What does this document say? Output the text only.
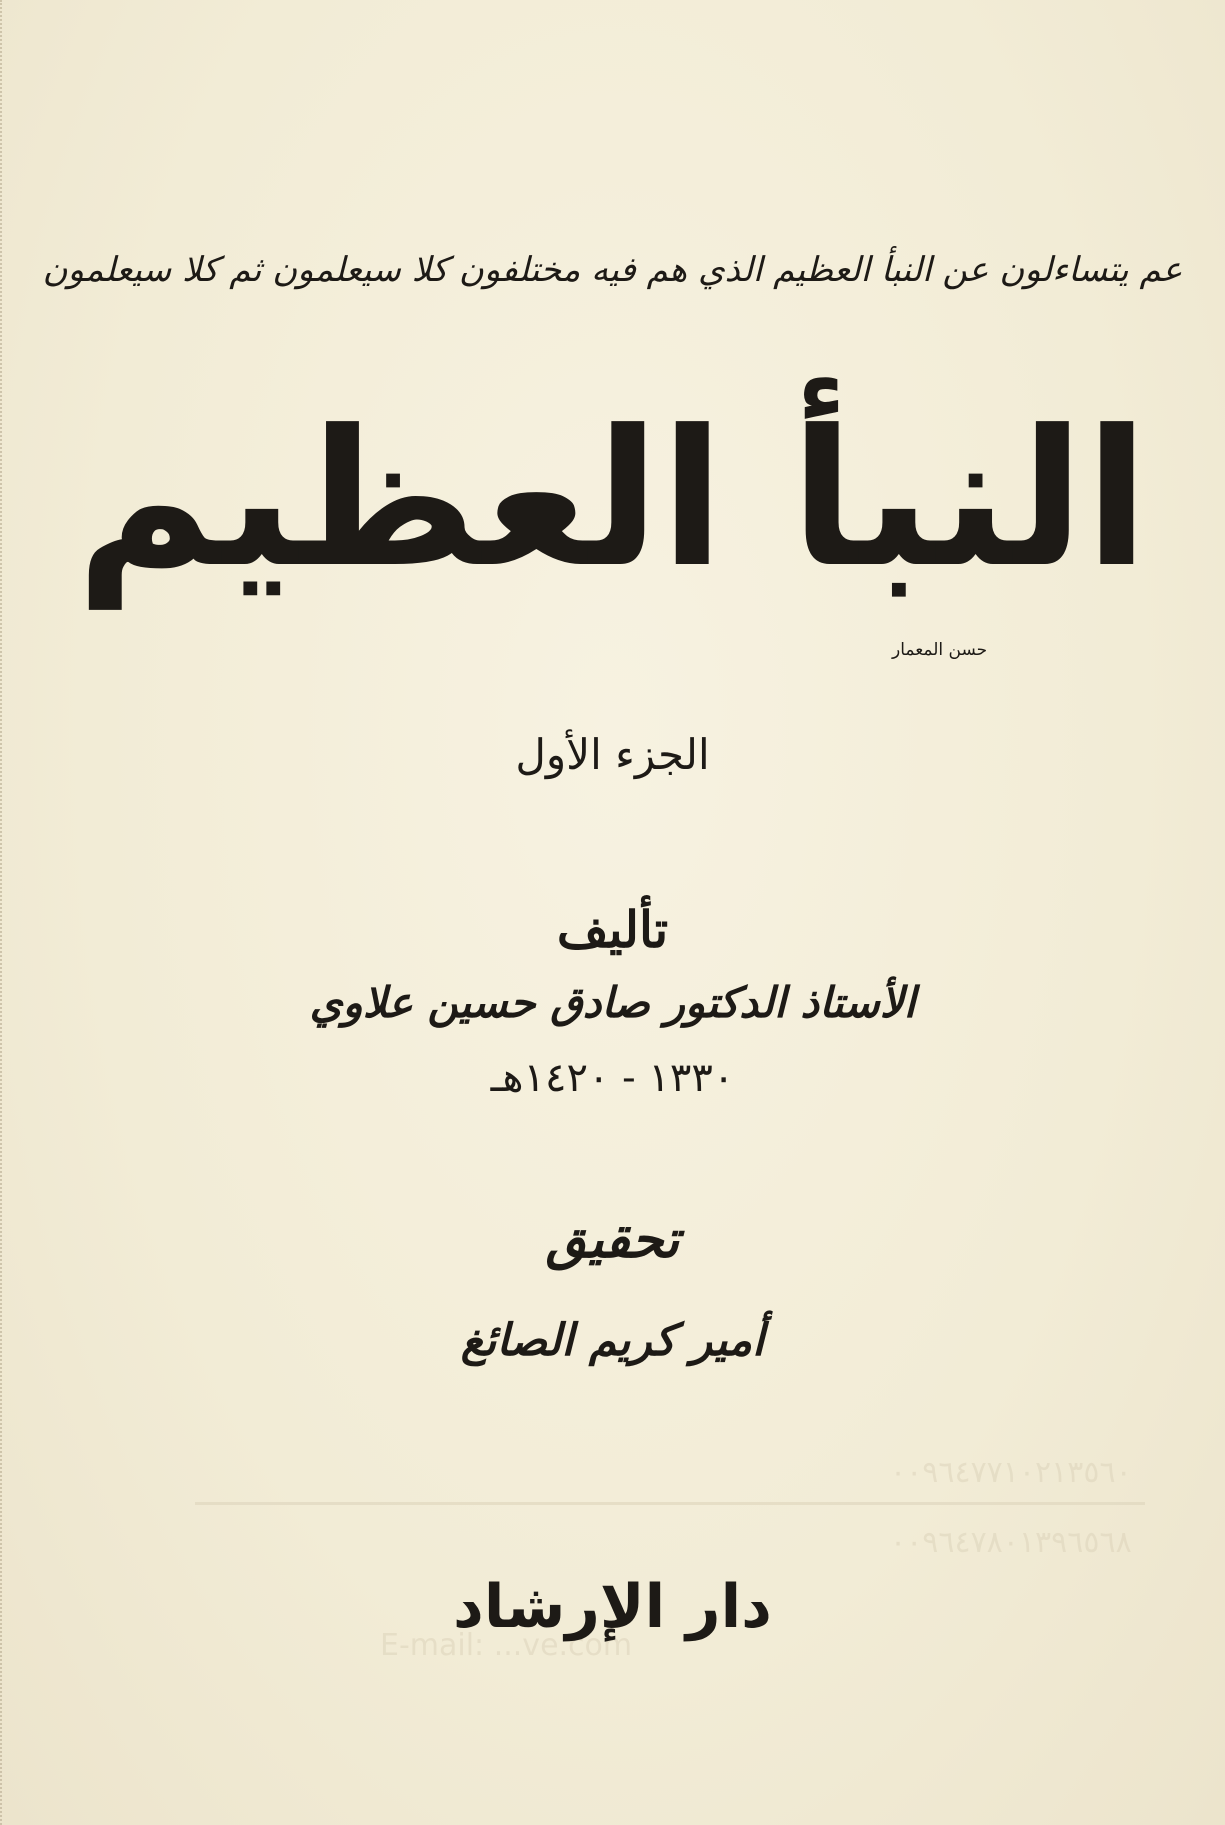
٠٠٩٦٤٧٧١٠٢١٣٥٦٠
٠٠٩٦٤٧٨٠١٣٩٦٥٦٨
E-mail: ...ve.com
عم يتساءلون عن النبأ العظيم الذي هم فيه مختلفون كلا سيعلمون ثم كلا سيعلمون
النبأ العظيم
حسن المعمار
الجزء الأول
تأليف
الأستاذ الدكتور صادق حسين علاوي
١٣٣٠ - ١٤٢٠هـ
تحقيق
أمير كريم الصائغ
دار الإرشاد
